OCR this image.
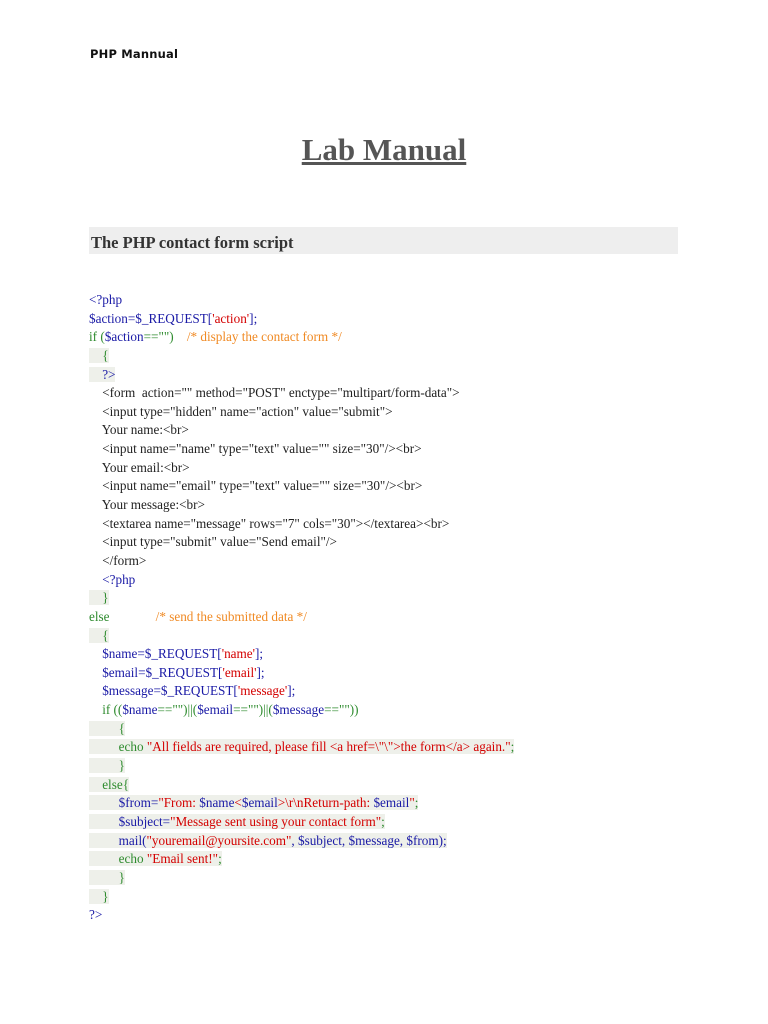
PHP Mannual
Lab Manual
The PHP contact form script
<?php
$action=$_REQUEST['action'];
if ($action=="")    /* display the contact form */
{
?>
<form  action="" method="POST" enctype="multipart/form-data">
<input type="hidden" name="action" value="submit">
Your name:<br>
<input name="name" type="text" value="" size="30"/><br>
Your email:<br>
<input name="email" type="text" value="" size="30"/><br>
Your message:<br>
<textarea name="message" rows="7" cols="30"></textarea><br>
<input type="submit" value="Send email"/>
</form>
<?php
}
else              /* send the submitted data */
{
$name=$_REQUEST['name'];
$email=$_REQUEST['email'];
$message=$_REQUEST['message'];
if (($name=="")||($email=="")||($message==""))
{
echo "All fields are required, please fill <a href=\"\">the form</a> again.";
}
else{
$from="From: $name<$email>\r\nReturn-path: $email";
$subject="Message sent using your contact form";
mail("youremail@yoursite.com", $subject, $message, $from);
echo "Email sent!";
}
}
?>
